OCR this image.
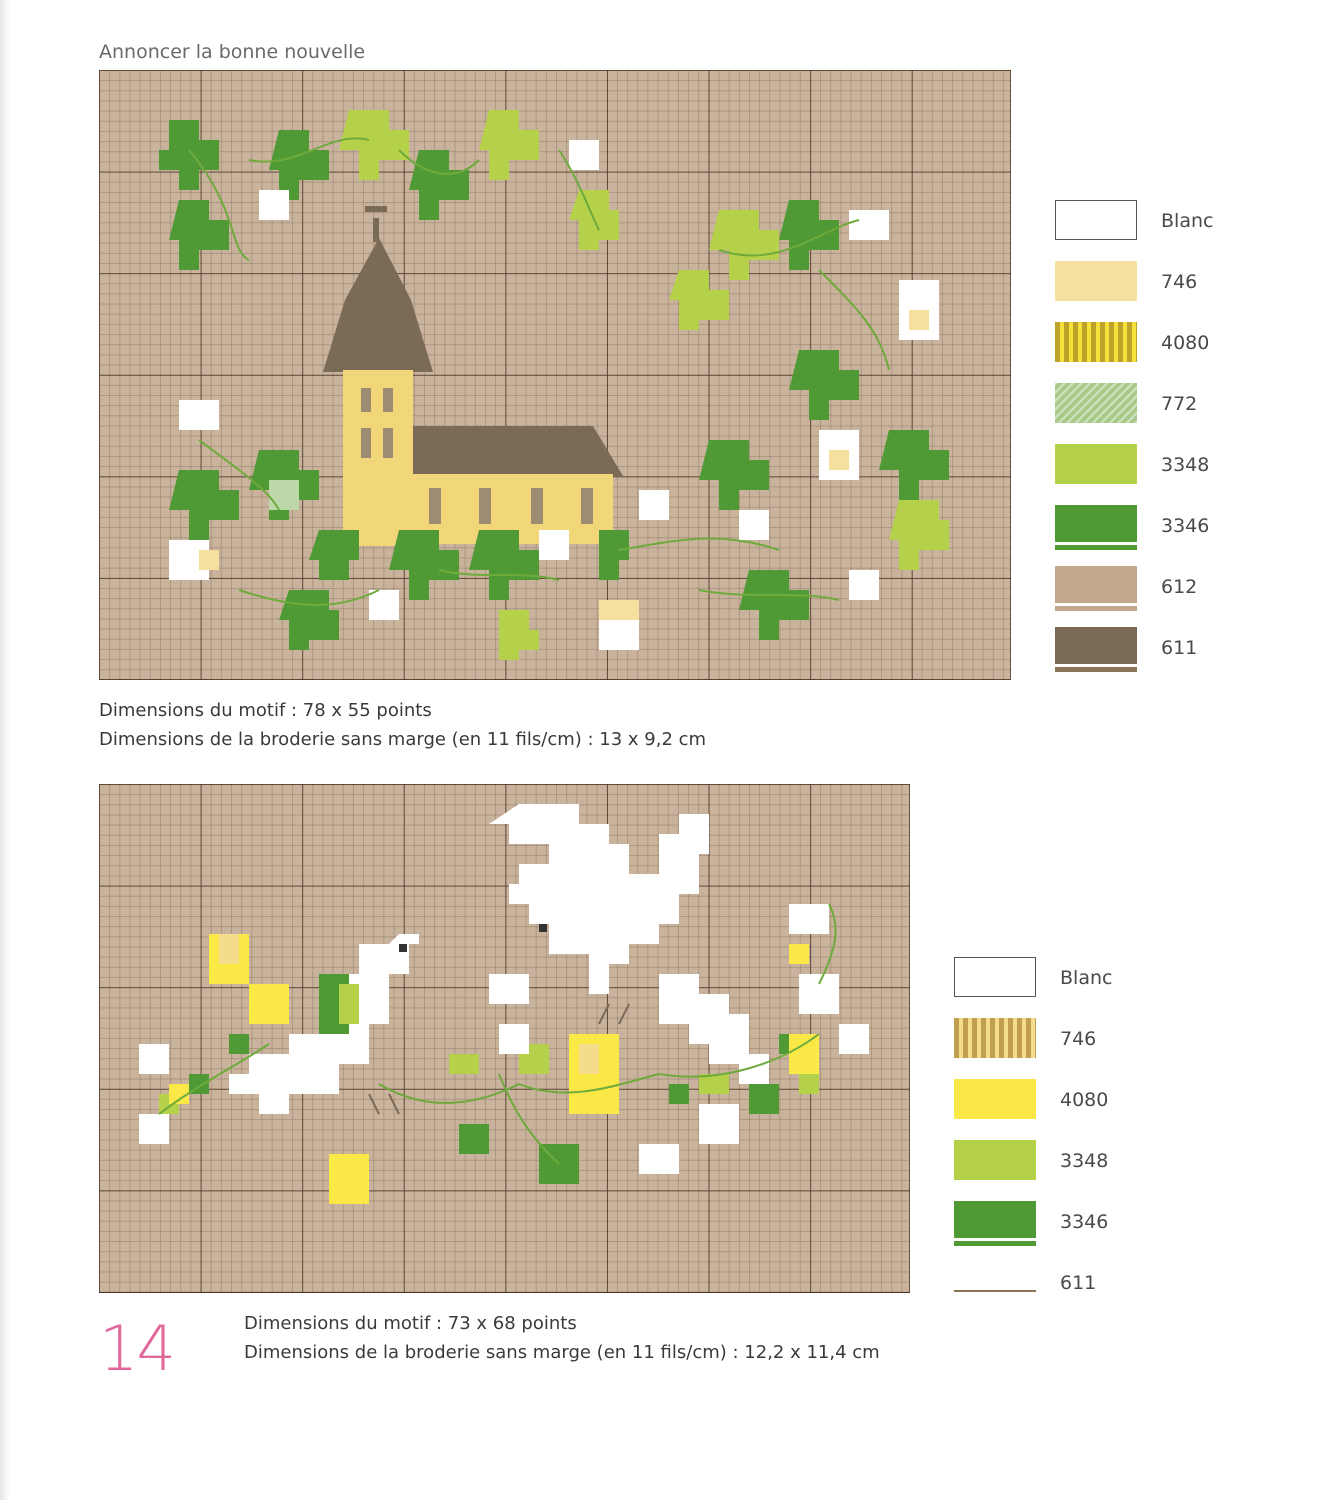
Annoncer la bonne nouvelle
Dimensions du motif : 78 x 55 points
Dimensions de la broderie sans marge (en 11 fils/cm) : 13 x 9,2 cm
Blanc
746
4080
772
3348
3346
612
611
14	Dimensions du motif : 73 x 68 points
Dimensions de la broderie sans marge (en 11 fils/cm) : 12,2 x 11,4 cm
Blanc
746
4080
3348
3346
611
